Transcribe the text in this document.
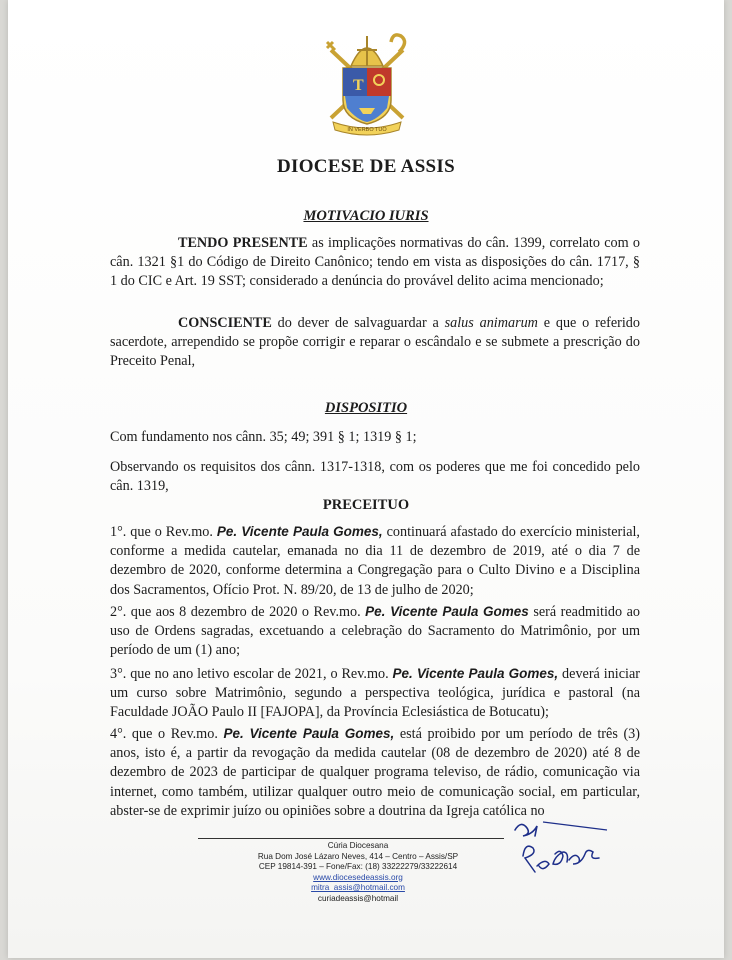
T
IN VERBO TUO
DIOCESE DE ASSIS
MOTIVACIO IURIS

TENDO PRESENTE as implicações normativas do cân. 1399, correlato com o cân. 1321 §1 do Código de Direito Canônico; tendo em vista as disposições do cân. 1717, § 1 do CIC e Art. 19 SST; considerado a denúncia do provável delito acima mencionado;

CONSCIENTE do dever de salvaguardar a salus animarum e que o referido sacerdote, arrependido se propõe corrigir e reparar o escândalo e se submete a prescrição do Preceito Penal,

DISPOSITIO

Com fundamento nos cânn. 35; 49; 391 § 1; 1319 § 1;

Observando os requisitos dos cânn. 1317-1318, com os poderes que me foi concedido pelo cân. 1319,

PRECEITUO

1°. que o Rev.mo. Pe. Vicente Paula Gomes, continuará afastado do exercício ministerial, conforme a medida cautelar, emanada no dia 11 de dezembro de 2019, até o dia 7 de dezembro de 2020, conforme determina a Congregação para o Culto Divino e a Disciplina dos Sacramentos, Ofício Prot. N. 89/20, de 13 de julho de 2020;

2°. que aos 8 dezembro de 2020 o Rev.mo. Pe. Vicente Paula Gomes será readmitido ao uso de Ordens sagradas, excetuando a celebração do Sacramento do Matrimônio, por um período de um (1) ano;

3°. que no ano letivo escolar de 2021, o Rev.mo. Pe. Vicente Paula Gomes, deverá iniciar um curso sobre Matrimônio, segundo a perspectiva teológica, jurídica e pastoral (na Faculdade JOÃO Paulo II [FAJOPA], da Província Eclesiástica de Botucatu);

4°. que o Rev.mo. Pe. Vicente Paula Gomes, está proibido por um período de três (3) anos, isto é, a partir da revogação da medida cautelar (08 de dezembro de 2020) até 8 de dezembro de 2023 de participar de qualquer programa televiso, de rádio, comunicação via internet, como também, utilizar qualquer outro meio de comunicação social, em particular, abster-se de exprimir juízo ou opiniões sobre a doutrina da Igreja católica no

Cúria Diocesana
Rua Dom José Lázaro Neves, 414 – Centro – Assis/SP
CEP 19814-391 – Fone/Fax: (18) 33222279/33222614
www.diocesedeassis.org
mitra_assis@hotmail.com
curiadeassis@hotmail
